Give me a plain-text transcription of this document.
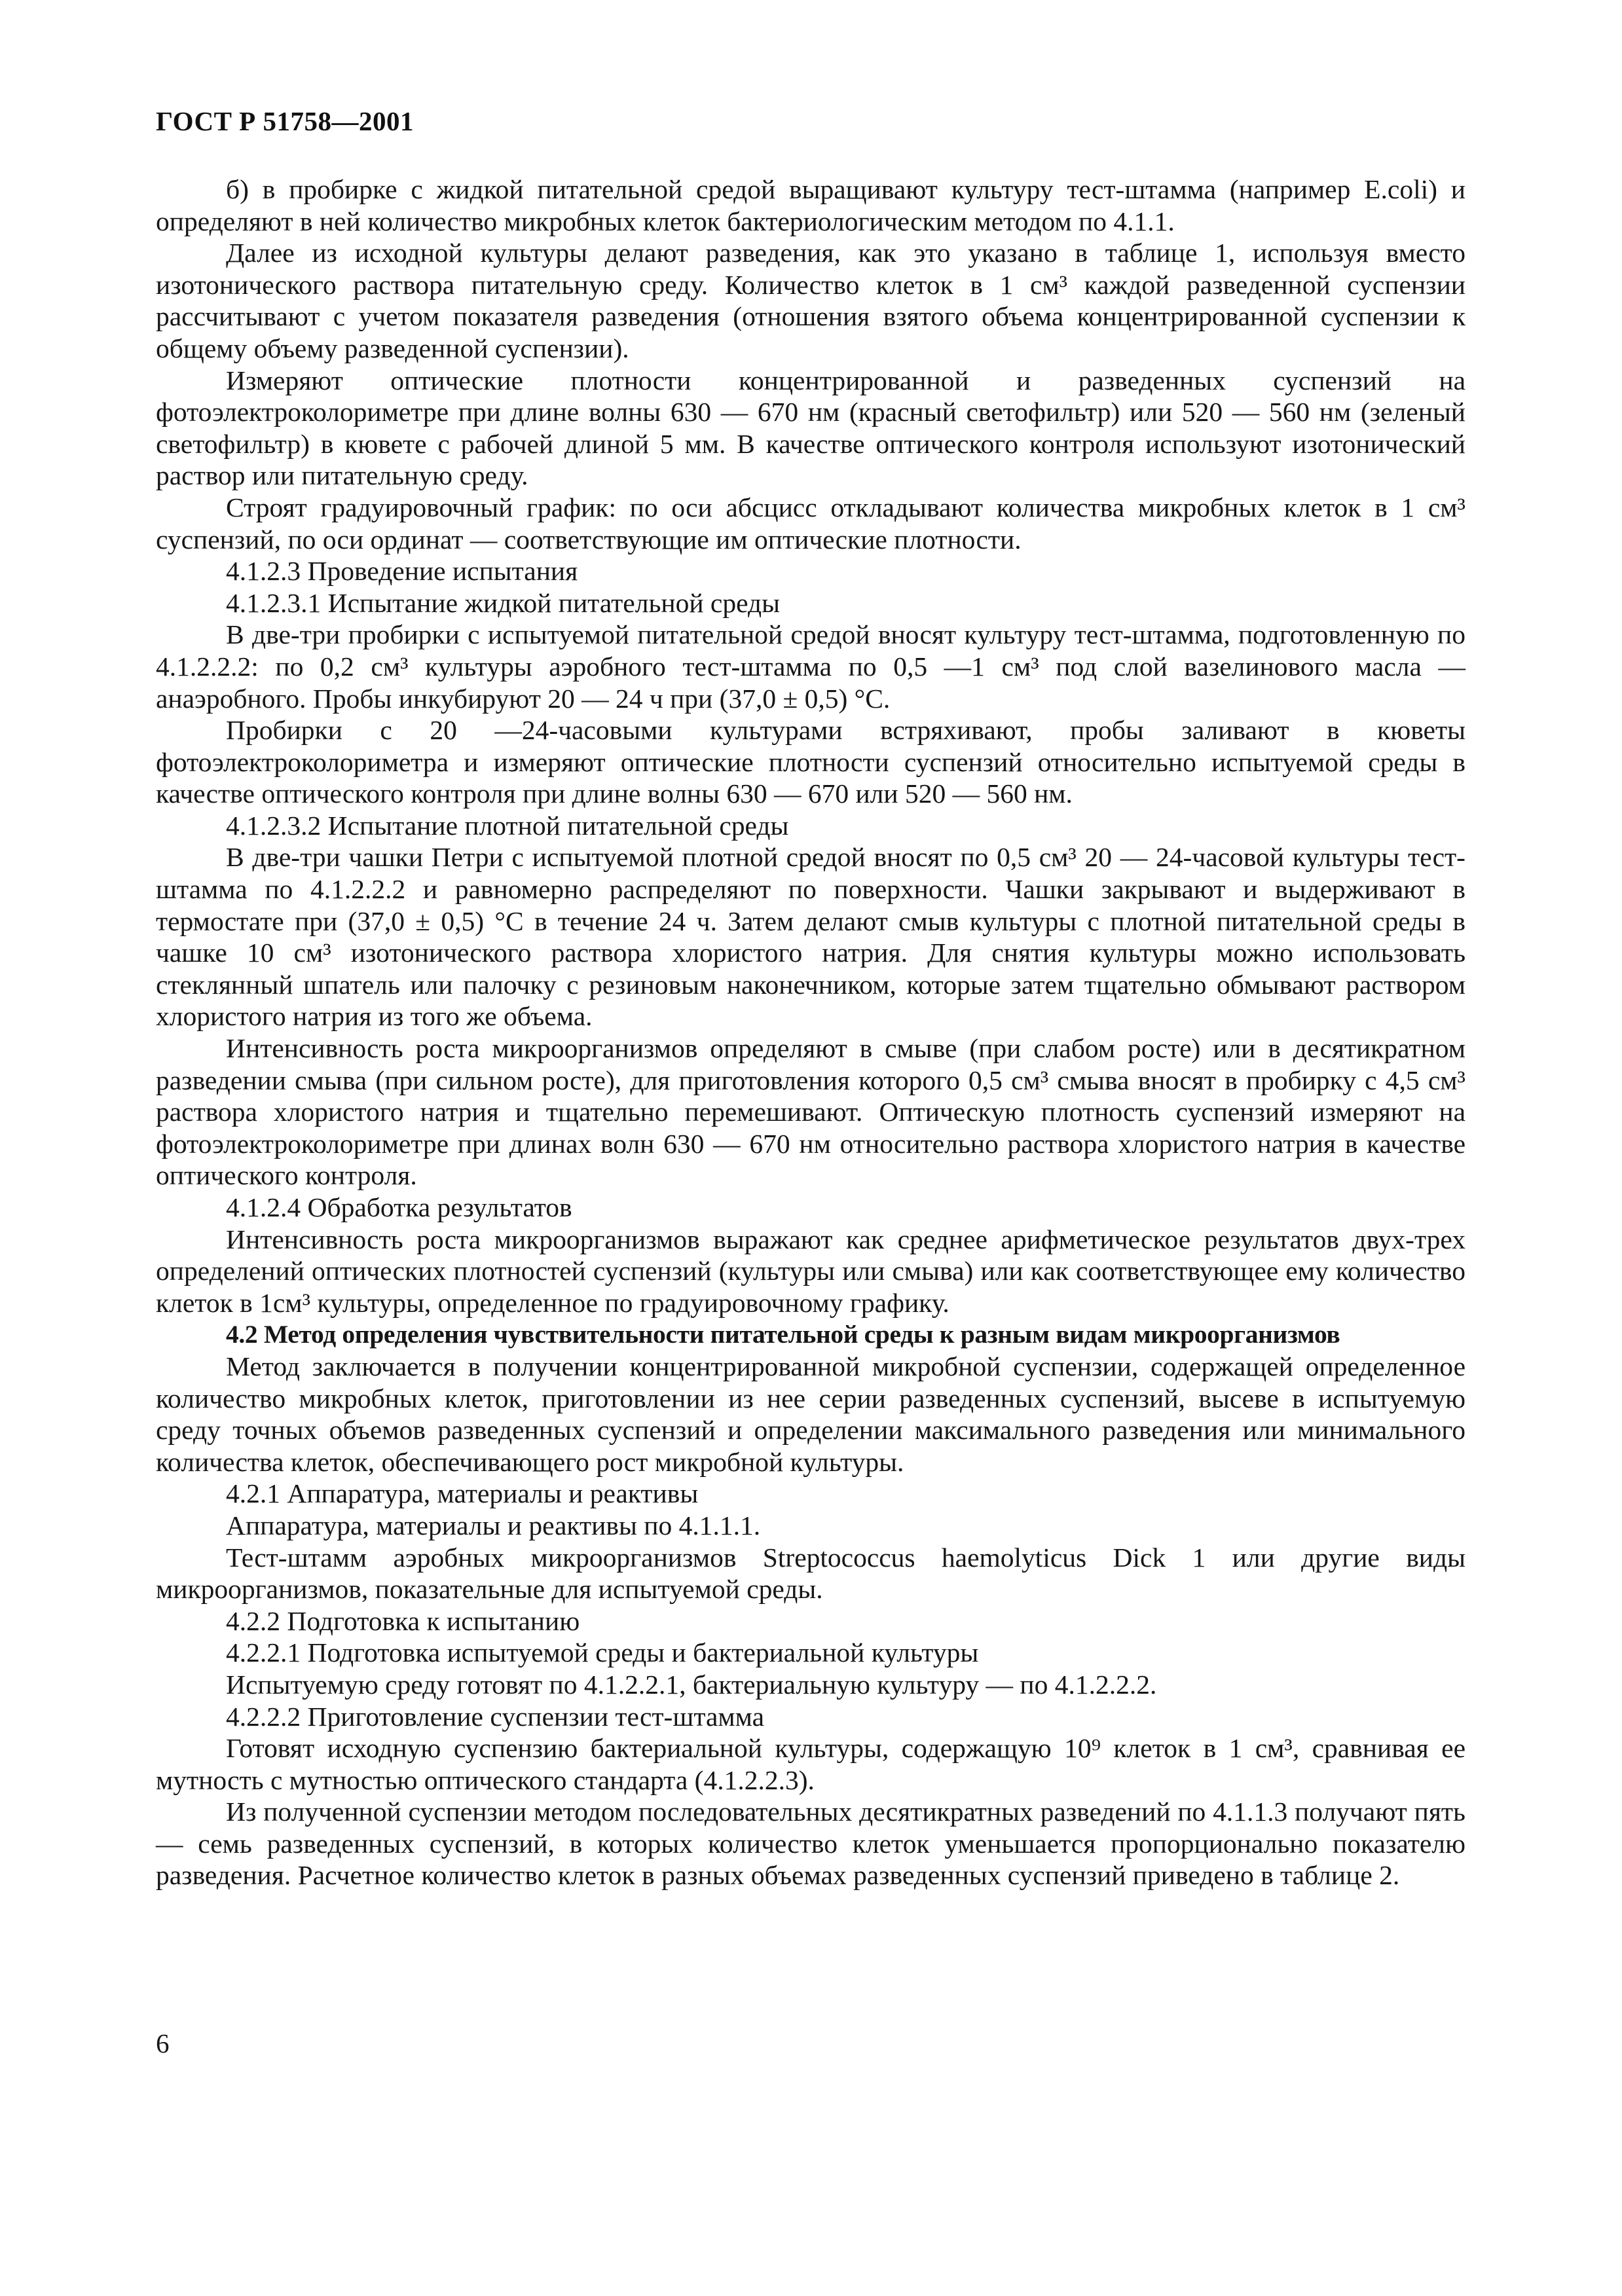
ГОСТ Р 51758—2001

б) в пробирке с жидкой питательной средой выращивают культуру тест-штамма (например E.coli) и определяют в ней количество микробных клеток бактериологическим методом по 4.1.1.

Далее из исходной культуры делают разведения, как это указано в таблице 1, используя вместо изотонического раствора питательную среду. Количество клеток в 1 см³ каждой разведенной суспензии рассчитывают с учетом показателя разведения (отношения взятого объема концентрированной суспензии к общему объему разведенной суспензии).

Измеряют оптические плотности концентрированной и разведенных суспензий на фотоэлектроколориметре при длине волны 630 — 670 нм (красный светофильтр) или 520 — 560 нм (зеленый светофильтр) в кювете с рабочей длиной 5 мм. В качестве оптического контроля используют изотонический раствор или питательную среду.

Строят градуировочный график: по оси абсцисс откладывают количества микробных клеток в 1 см³ суспензий, по оси ординат — соответствующие им оптические плотности.

4.1.2.3 Проведение испытания

4.1.2.3.1 Испытание жидкой питательной среды

В две-три пробирки с испытуемой питательной средой вносят культуру тест-штамма, подготовленную по 4.1.2.2.2: по 0,2 см³ культуры аэробного тест-штамма по 0,5 —1 см³ под слой вазелинового масла — анаэробного. Пробы инкубируют 20 — 24 ч при (37,0 ± 0,5) °С.

Пробирки с 20 —24-часовыми культурами встряхивают, пробы заливают в кюветы фотоэлектроколориметра и измеряют оптические плотности суспензий относительно испытуемой среды в качестве оптического контроля при длине волны 630 — 670 или 520 — 560 нм.

4.1.2.3.2 Испытание плотной питательной среды

В две-три чашки Петри с испытуемой плотной средой вносят по 0,5 см³ 20 — 24-часовой культуры тест-штамма по 4.1.2.2.2 и равномерно распределяют по поверхности. Чашки закрывают и выдерживают в термостате при (37,0 ± 0,5) °С в течение 24 ч. Затем делают смыв культуры с плотной питательной среды в чашке 10 см³ изотонического раствора хлористого натрия. Для снятия культуры можно использовать стеклянный шпатель или палочку с резиновым наконечником, которые затем тщательно обмывают раствором хлористого натрия из того же объема.

Интенсивность роста микроорганизмов определяют в смыве (при слабом росте) или в десятикратном разведении смыва (при сильном росте), для приготовления которого 0,5 см³ смыва вносят в пробирку с 4,5 см³ раствора хлористого натрия и тщательно перемешивают. Оптическую плотность суспензий измеряют на фотоэлектроколориметре при длинах волн 630 — 670 нм относительно раствора хлористого натрия в качестве оптического контроля.

4.1.2.4 Обработка результатов

Интенсивность роста микроорганизмов выражают как среднее арифметическое результатов двух-трех определений оптических плотностей суспензий (культуры или смыва) или как соответствующее ему количество клеток в 1см³ культуры, определенное по градуировочному графику.

4.2 Метод определения чувствительности питательной среды к разным видам микроорганизмов

Метод заключается в получении концентрированной микробной суспензии, содержащей определенное количество микробных клеток, приготовлении из нее серии разведенных суспензий, высеве в испытуемую среду точных объемов разведенных суспензий и определении максимального разведения или минимального количества клеток, обеспечивающего рост микробной культуры.

4.2.1 Аппаратура, материалы и реактивы

Аппаратура, материалы и реактивы по 4.1.1.1.

Тест-штамм аэробных микроорганизмов Streptococcus haemolyticus Dick 1 или другие виды микроорганизмов, показательные для испытуемой среды.

4.2.2 Подготовка к испытанию

4.2.2.1 Подготовка испытуемой среды и бактериальной культуры

Испытуемую среду готовят по 4.1.2.2.1, бактериальную культуру — по 4.1.2.2.2.

4.2.2.2 Приготовление суспензии тест-штамма

Готовят исходную суспензию бактериальной культуры, содержащую 10⁹ клеток в 1 см³, сравнивая ее мутность с мутностью оптического стандарта (4.1.2.2.3).

Из полученной суспензии методом последовательных десятикратных разведений по 4.1.1.3 получают пять — семь разведенных суспензий, в которых количество клеток уменьшается пропорционально показателю разведения. Расчетное количество клеток в разных объемах разведенных суспензий приведено в таблице 2.

6
